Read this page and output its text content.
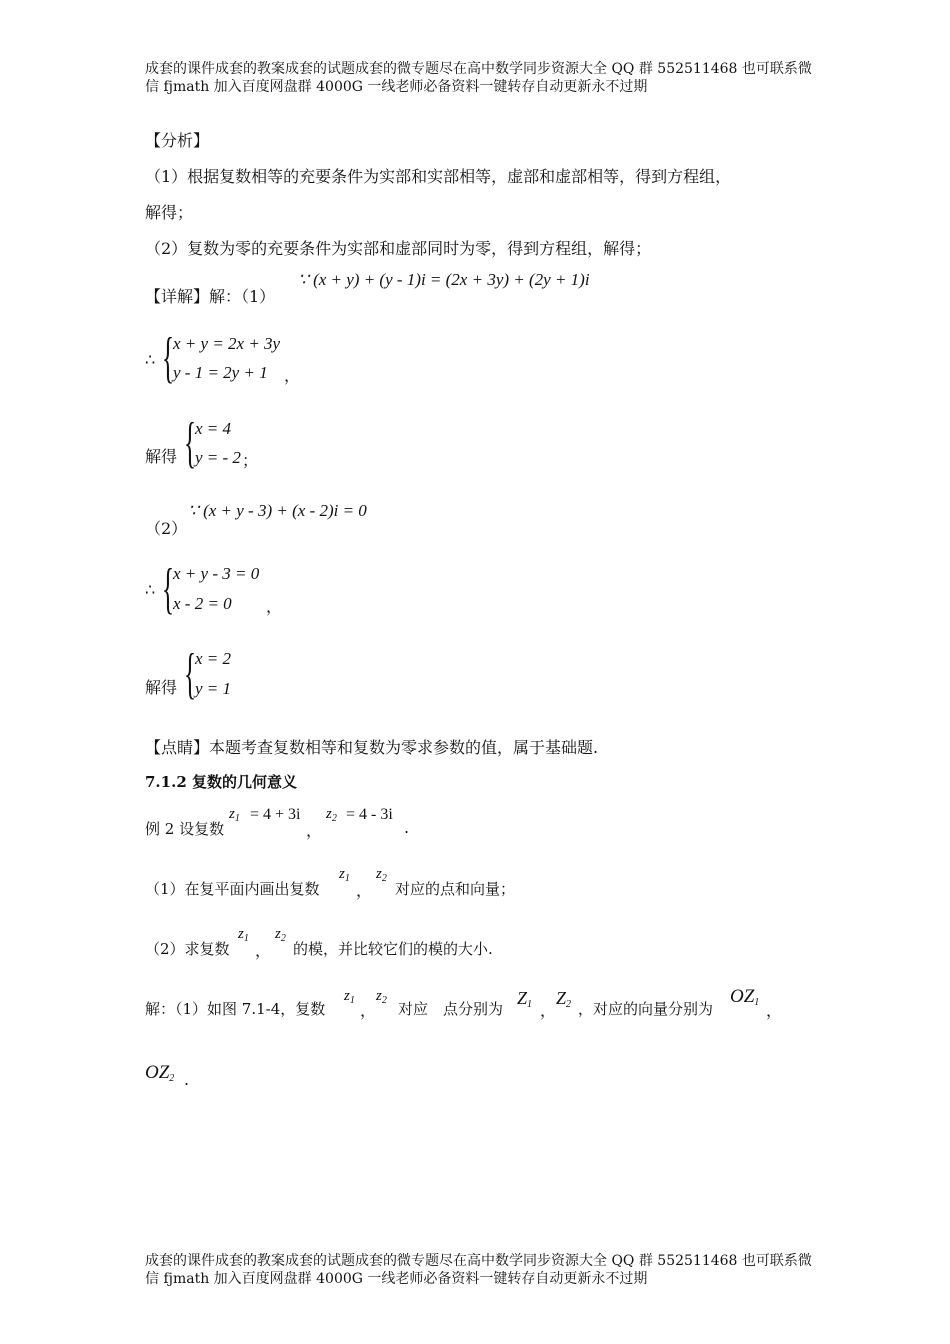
成套的课件成套的教案成套的试题成套的微专题尽在高中数学同步资源大全 QQ 群 552511468 也可联系微
信 fjmath 加入百度网盘群 4000G 一线老师必备资料一键转存自动更新永不过期
【分析】
（1）根据复数相等的充要条件为实部和实部相等，虚部和虚部相等，得到方程组，
解得；
（2）复数为零的充要条件为实部和虚部同时为零，得到方程组，解得；
【详解】解：（1）
∵ (x + y) + (y - 1)i = (2x + 3y) + (2y + 1)i
∴ {
x + y = 2x + 3y
y - 1 = 2y + 1 ，
解得 {
x = 4
y = - 2 ；
（2）
∵ (x + y - 3) + (x - 2)i = 0
∴ {
x + y - 3 = 0
x - 2 = 0 ，
解得 {
x = 2
y = 1
【点睛】本题考查复数相等和复数为零求参数的值，属于基础题.
7.1.2 复数的几何意义
例 2 设复数
$z_1 = 4 + 3i$
，
$z_2 = 4 - 3i$
.
（1）在复平面内画出复数
$z_1$
，
$z_2$
对应的点和向量；
（2）求复数
$z_1$
，
$z_2$
的模，并比较它们的模的大小.
解：（1）如图 7.1-4，复数
$z_1$
，
$z_2$ 对应　点分别为
$Z_1$ ，
$Z_2$ ，对应的向量分别为
$OZ_1$ ，
$OZ_2$ .
成套的课件成套的教案成套的试题成套的微专题尽在高中数学同步资源大全 QQ 群 552511468 也可联系微
信 fjmath 加入百度网盘群 4000G 一线老师必备资料一键转存自动更新永不过期
